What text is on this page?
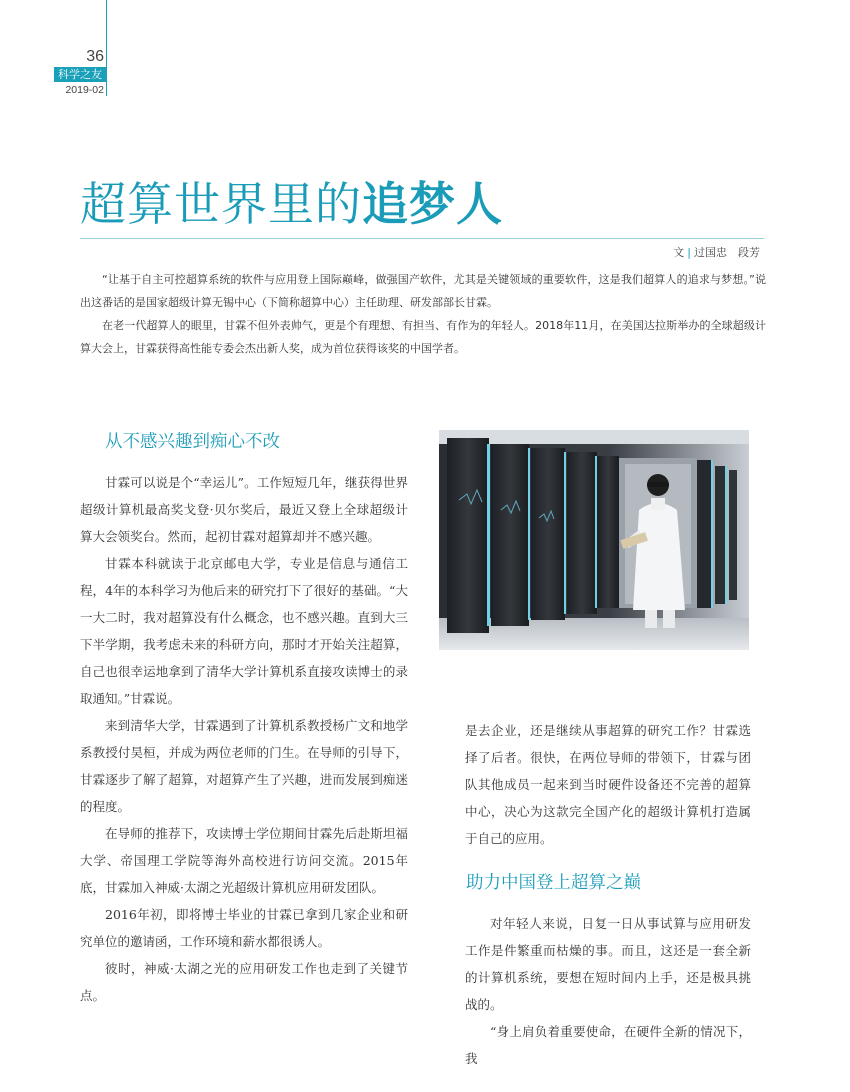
36
科学之友
2019-02
超算世界里的追梦人
文 | 过国忠　段芳

“让基于自主可控超算系统的软件与应用登上国际巅峰，做强国产软件，尤其是关键领域的重要软件，这是我们超算人的追求与梦想。”说出这番话的是国家超级计算无锡中心（下简称超算中心）主任助理、研发部部长甘霖。

在老一代超算人的眼里，甘霖不但外表帅气，更是个有理想、有担当、有作为的年轻人。2018年11月，在美国达拉斯举办的全球超级计算大会上，甘霖获得高性能专委会杰出新人奖，成为首位获得该奖的中国学者。

从不感兴趣到痴心不改

甘霖可以说是个“幸运儿”。工作短短几年，继获得世界超级计算机最高奖戈登·贝尔奖后，最近又登上全球超级计算大会领奖台。然而，起初甘霖对超算却并不感兴趣。

甘霖本科就读于北京邮电大学，专业是信息与通信工程，4年的本科学习为他后来的研究打下了很好的基础。“大一大二时，我对超算没有什么概念，也不感兴趣。直到大三下半学期，我考虑未来的科研方向，那时才开始关注超算，自己也很幸运地拿到了清华大学计算机系直接攻读博士的录取通知。”甘霖说。

来到清华大学，甘霖遇到了计算机系教授杨广文和地学系教授付昊桓，并成为两位老师的门生。在导师的引导下，甘霖逐步了解了超算，对超算产生了兴趣，进而发展到痴迷的程度。

在导师的推荐下，攻读博士学位期间甘霖先后赴斯坦福大学、帝国理工学院等海外高校进行访问交流。2015年底，甘霖加入神威·太湖之光超级计算机应用研发团队。

2016年初，即将博士毕业的甘霖已拿到几家企业和研究单位的邀请函，工作环境和薪水都很诱人。

彼时，神威·太湖之光的应用研发工作也走到了关键节点。

是去企业，还是继续从事超算的研究工作？甘霖选择了后者。很快，在两位导师的带领下，甘霖与团队其他成员一起来到当时硬件设备还不完善的超算中心，决心为这款完全国产化的超级计算机打造属于自己的应用。

助力中国登上超算之巅

对年轻人来说，日复一日从事试算与应用研发工作是件繁重而枯燥的事。而且，这还是一套全新的计算机系统，要想在短时间内上手，还是极具挑战的。

“身上肩负着重要使命，在硬件全新的情况下，我
